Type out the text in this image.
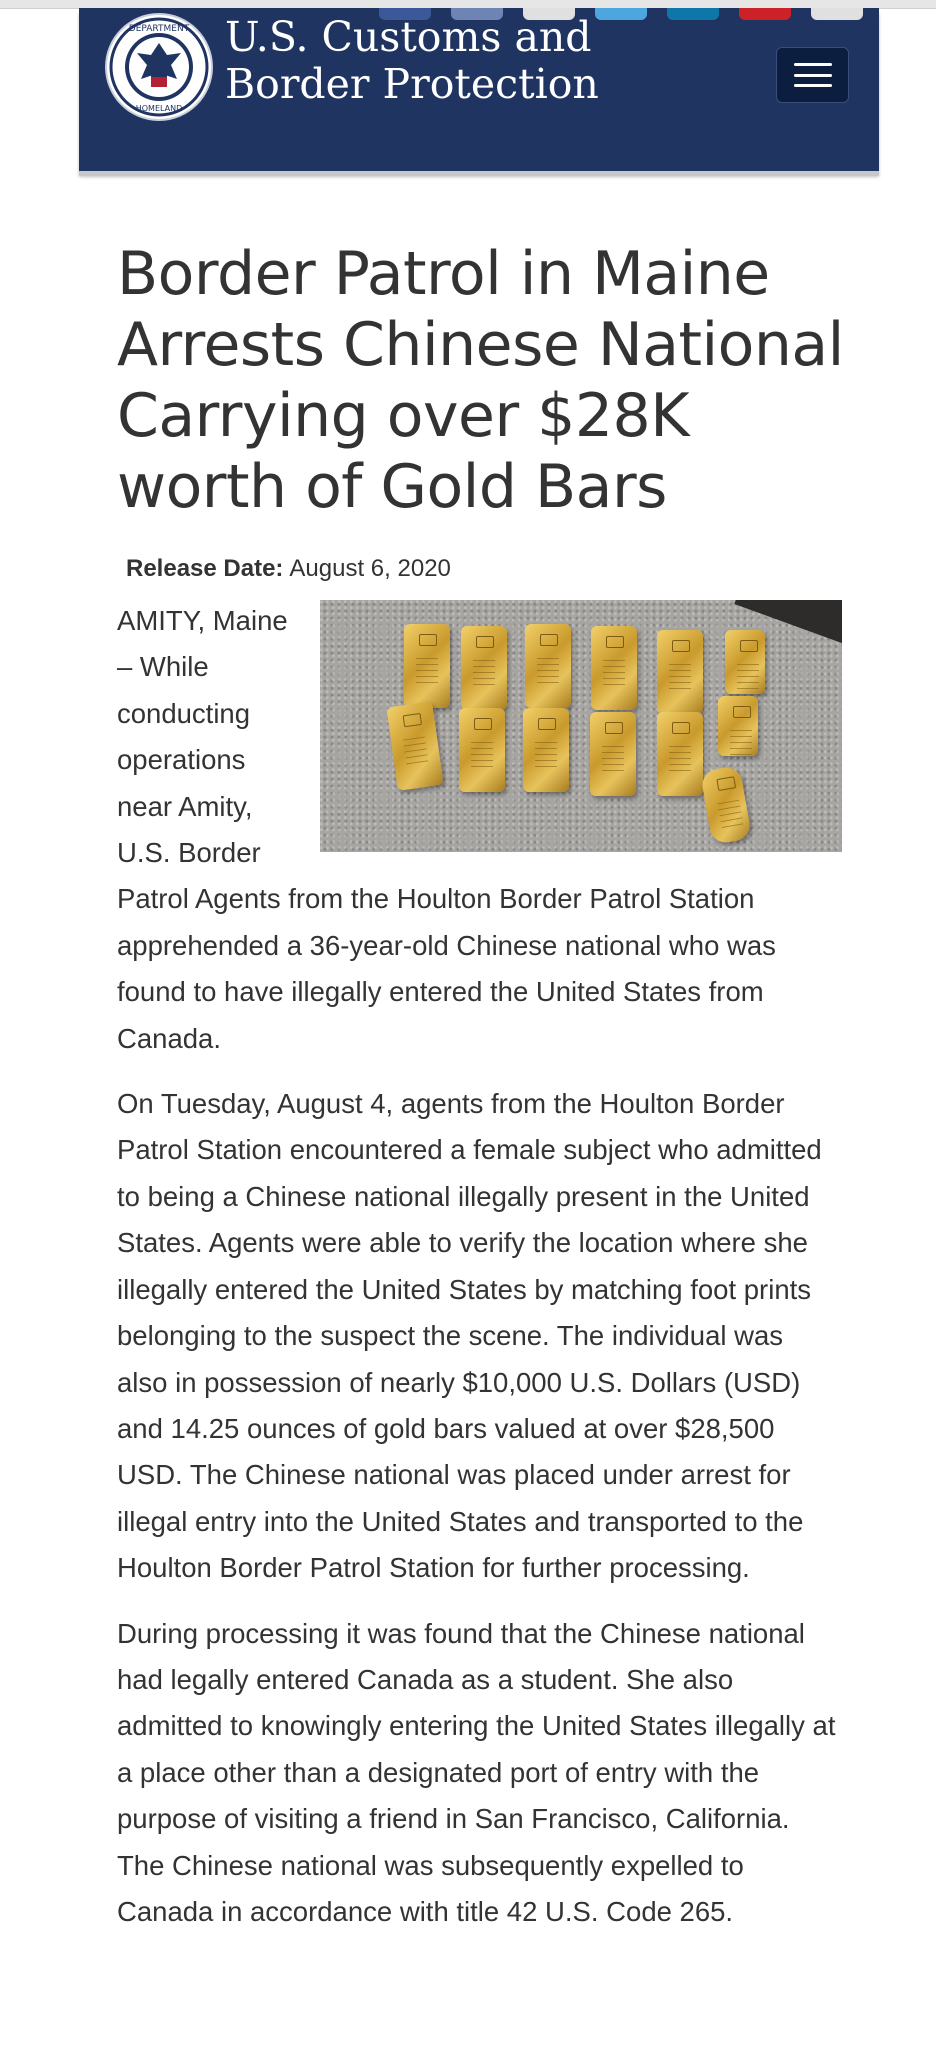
DEPARTMENT
HOMELAND
U.S. Customs and Border Protection
Border Patrol in Maine Arrests Chinese National Carrying over $28K worth of Gold Bars
Release Date: August 6, 2020

AMITY, Maine – While conducting operations near Amity, U.S. Border Patrol Agents from the Houlton Border Patrol Station apprehended a 36-year-old Chinese national who was found to have illegally entered the United States from Canada.

On Tuesday, August 4, agents from the Houlton Border Patrol Station encountered a female subject who admitted to being a Chinese national illegally present in the United States. Agents were able to verify the location where she illegally entered the United States by matching foot prints belonging to the suspect the scene. The individual was also in possession of nearly $10,000 U.S. Dollars (USD) and 14.25 ounces of gold bars valued at over $28,500 USD. The Chinese national was placed under arrest for illegal entry into the United States and transported to the Houlton Border Patrol Station for further processing.

During processing it was found that the Chinese national had legally entered Canada as a student. She also admitted to knowingly entering the United States illegally at a place other than a designated port of entry with the purpose of visiting a friend in San Francisco, California. The Chinese national was subsequently expelled to Canada in accordance with title 42 U.S. Code 265.
